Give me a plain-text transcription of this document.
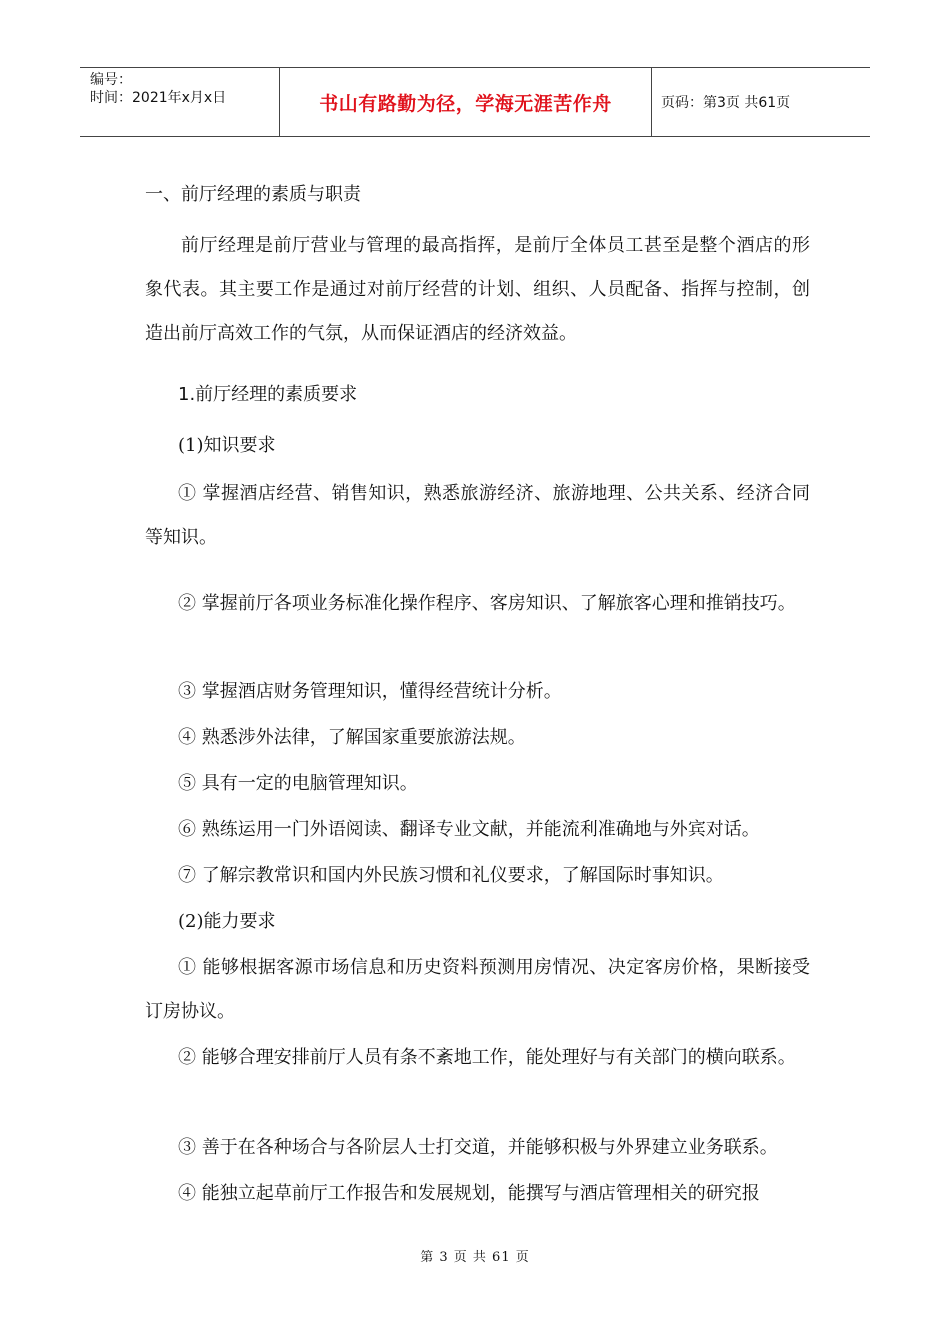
编号：
时间：2021年x月x日	书山有路勤为径，学海无涯苦作舟	页码：第3页 共61页
一、前厅经理的素质与职责
前厅经理是前厅营业与管理的最高指挥，是前厅全体员工甚至是整个酒店的形象代表。其主要工作是通过对前厅经营的计划、组织、人员配备、指挥与控制，创造出前厅高效工作的气氛，从而保证酒店的经济效益。
1.前厅经理的素质要求
(1)知识要求
① 掌握酒店经营、销售知识，熟悉旅游经济、旅游地理、公共关系、经济合同等知识。
② 掌握前厅各项业务标准化操作程序、客房知识、了解旅客心理和推销技巧。
③ 掌握酒店财务管理知识，懂得经营统计分析。
④ 熟悉涉外法律，了解国家重要旅游法规。
⑤ 具有一定的电脑管理知识。
⑥ 熟练运用一门外语阅读、翻译专业文献，并能流利准确地与外宾对话。
⑦ 了解宗教常识和国内外民族习惯和礼仪要求，了解国际时事知识。
(2)能力要求
① 能够根据客源市场信息和历史资料预测用房情况、决定客房价格，果断接受订房协议。
② 能够合理安排前厅人员有条不紊地工作，能处理好与有关部门的横向联系。
③ 善于在各种场合与各阶层人士打交道，并能够积极与外界建立业务联系。
④ 能独立起草前厅工作报告和发展规划，能撰写与酒店管理相关的研究报
第 3 页 共 61 页
